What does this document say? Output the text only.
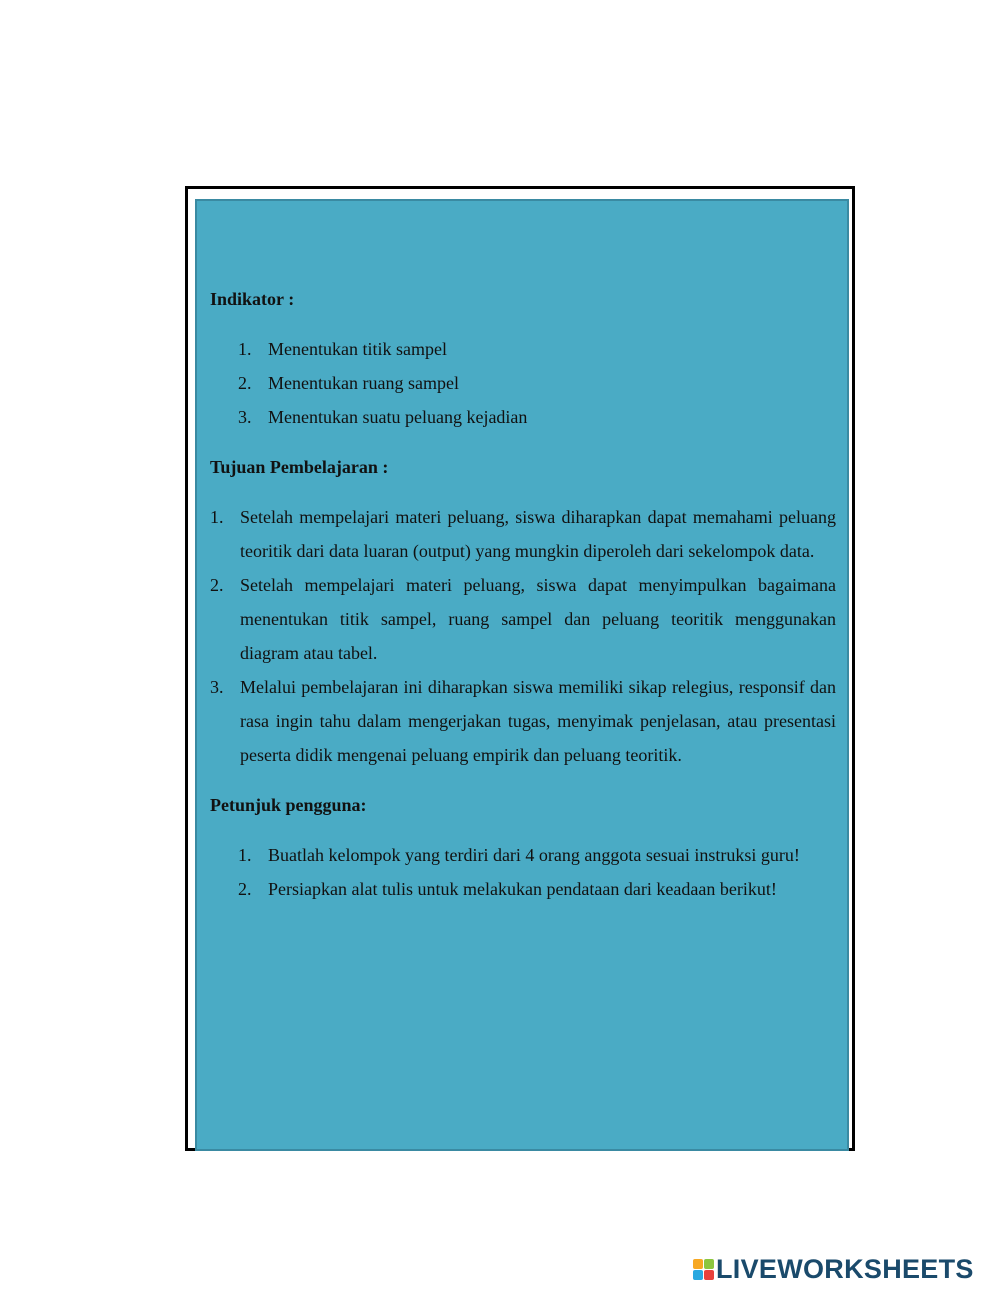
Indikator :

1. Menentukan titik sampel
2. Menentukan ruang sampel
3. Menentukan suatu peluang kejadian

Tujuan Pembelajaran :

1. Setelah mempelajari materi peluang, siswa diharapkan dapat memahami peluang teoritik dari data luaran (output) yang mungkin diperoleh dari sekelompok data.
2. Setelah mempelajari materi peluang, siswa dapat menyimpulkan bagaimana menentukan titik sampel, ruang sampel dan peluang teoritik menggunakan diagram atau tabel.
3. Melalui pembelajaran ini diharapkan siswa memiliki sikap relegius, responsif dan rasa ingin tahu dalam mengerjakan tugas, menyimak penjelasan, atau presentasi peserta didik mengenai peluang empirik dan peluang teoritik.

Petunjuk pengguna:

1. Buatlah kelompok yang terdiri dari 4 orang anggota sesuai instruksi guru!
2. Persiapkan alat tulis untuk melakukan pendataan dari keadaan berikut!
LIVEWORKSHEETS
